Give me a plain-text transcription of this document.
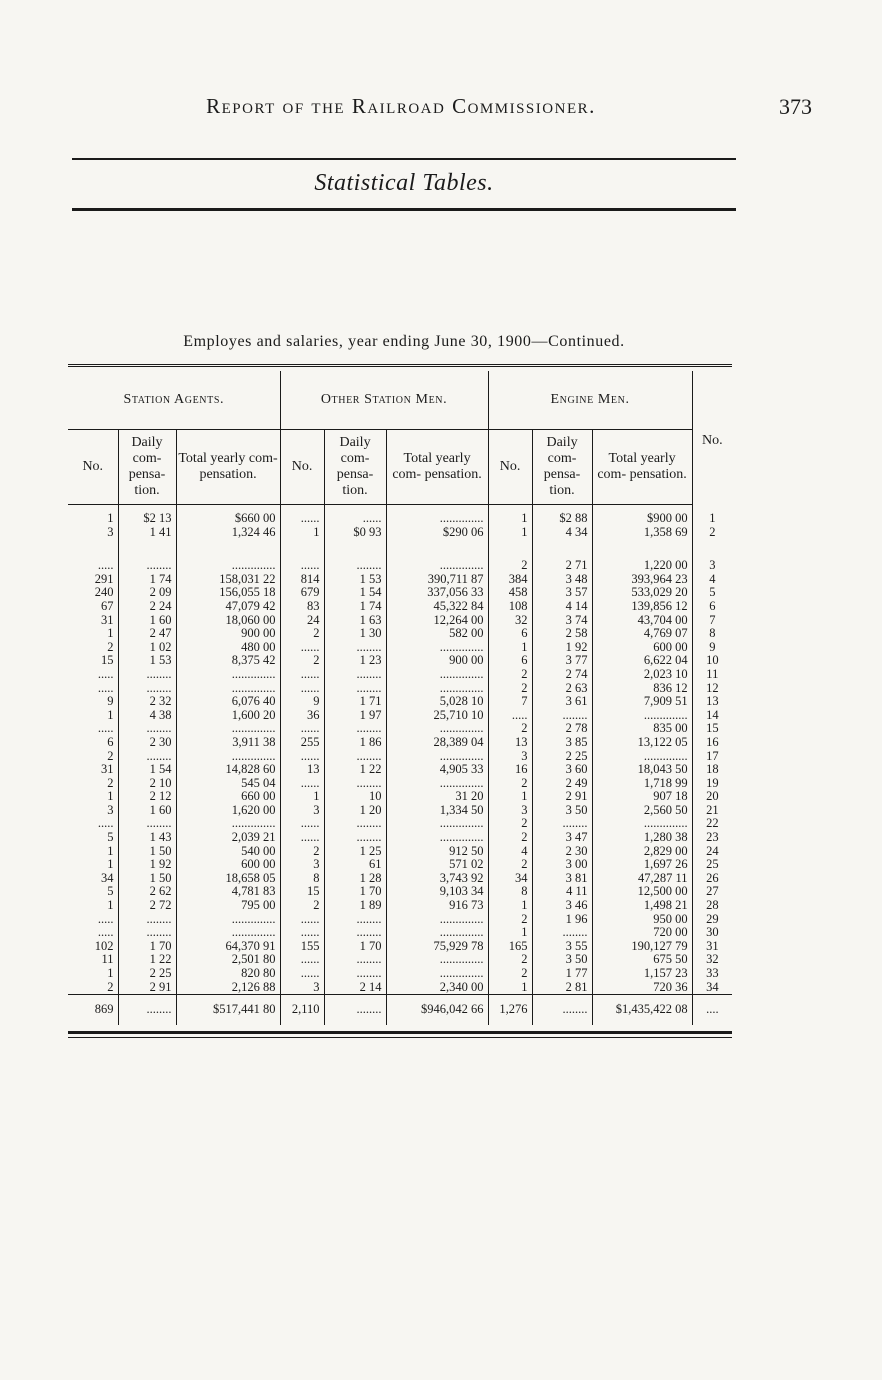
Report of the Railroad Commissioner.	373
Statistical Tables.
Employes and salaries, year ending June 30, 1900—Continued.
Station Agents.			Other Station Men.			Engine Men.			No.
No.	Daily com- pensa- tion.	Total yearly com- pensation.	No.	Daily com- pensa- tion.	Total yearly com- pensation.	No.	Daily com- pensa- tion.	Total yearly com- pensation.	

1	$2 13	$660 00	......	......	..............	1	$2 88	$900 00	1
3	1 41	1,324 46	1	$0 93	$290 06	1	4 34	1,358 69	2

.....	........	..............	......	........	..............	2	2 71	1,220 00	3
291	1 74	158,031 22	814	1 53	390,711 87	384	3 48	393,964 23	4
240	2 09	156,055 18	679	1 54	337,056 33	458	3 57	533,029 20	5
67	2 24	47,079 42	83	1 74	45,322 84	108	4 14	139,856 12	6
31	1 60	18,060 00	24	1 63	12,264 00	32	3 74	43,704 00	7
1	2 47	900 00	2	1 30	582 00	6	2 58	4,769 07	8
2	1 02	480 00	......	........	..............	1	1 92	600 00	9
15	1 53	8,375 42	2	1 23	900 00	6	3 77	6,622 04	10
.....	........	..............	......	........	..............	2	2 74	2,023 10	11
.....	........	..............	......	........	..............	2	2 63	836 12	12
9	2 32	6,076 40	9	1 71	5,028 10	7	3 61	7,909 51	13
1	4 38	1,600 20	36	1 97	25,710 10	.....	........	..............	14
.....	........	..............	......	........	..............	2	2 78	835 00	15
6	2 30	3,911 38	255	1 86	28,389 04	13	3 85	13,122 05	16
2	........	..............	......	........	..............	3	2 25	..............	17
31	1 54	14,828 60	13	1 22	4,905 33	16	3 60	18,043 50	18
2	2 10	545 04	......	........	..............	2	2 49	1,718 99	19
1	2 12	660 00	1	10	31 20	1	2 91	907 18	20
3	1 60	1,620 00	3	1 20	1,334 50	3	3 50	2,560 50	21
.....	........	..............	......	........	..............	2	........	..............	22
5	1 43	2,039 21	......	........	..............	2	3 47	1,280 38	23
1	1 50	540 00	2	1 25	912 50	4	2 30	2,829 00	24
1	1 92	600 00	3	61	571 02	2	3 00	1,697 26	25
34	1 50	18,658 05	8	1 28	3,743 92	34	3 81	47,287 11	26
5	2 62	4,781 83	15	1 70	9,103 34	8	4 11	12,500 00	27
1	2 72	795 00	2	1 89	916 73	1	3 46	1,498 21	28
.....	........	..............	......	........	..............	2	1 96	950 00	29
.....	........	..............	......	........	..............	1	........	720 00	30
102	1 70	64,370 91	155	1 70	75,929 78	165	3 55	190,127 79	31
11	1 22	2,501 80	......	........	..............	2	3 50	675 50	32
1	2 25	820 80	......	........	..............	2	1 77	1,157 23	33
2	2 91	2,126 88	3	2 14	2,340 00	1	2 81	720 36	34
869	........	$517,441 80	2,110	........	$946,042 66	1,276	........	$1,435,422 08	....
